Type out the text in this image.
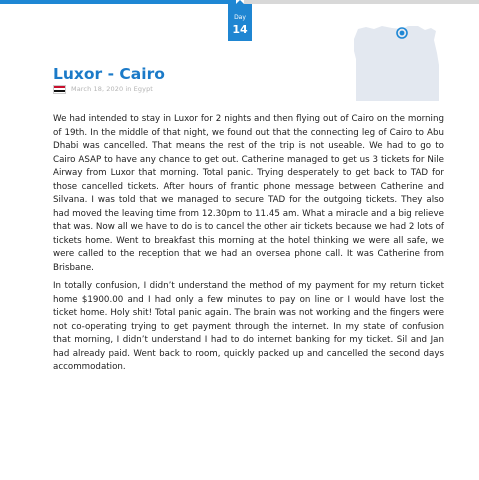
Day
14
Luxor - Cairo
March 18, 2020 in Egypt

We had intended to stay in Luxor for 2 nights and then flying out of Cairo on the morning of 19th. In the middle of that night, we found out that the connecting leg of Cairo to Abu Dhabi was cancelled. That means the rest of the trip is not useable. We had to go to Cairo ASAP to have any chance to get out. Catherine managed to get us 3 tickets for Nile Airway from Luxor that morning. Total panic. Trying desperately to get back to TAD for those cancelled tickets. After hours of frantic phone message between Catherine and Silvana. I was told that we managed to secure TAD for the outgoing tickets. They also had moved the leaving time from 12.30pm to 11.45 am. What a miracle and a big relieve that was. Now all we have to do is to cancel the other air tickets because we had 2 lots of tickets home. Went to breakfast this morning at the hotel thinking we were all safe, we were called to the reception that we had an oversea phone call. It was Catherine from Brisbane.

In totally confusion, I didn’t understand the method of my payment for my return ticket home $1900.00 and I had only a few minutes to pay on line or I would have lost the ticket home. Holy shit! Total panic again. The brain was not working and the fingers were not co-operating trying to get payment through the internet. In my state of confusion that morning, I didn’t understand I had to do internet banking for my ticket. Sil and Jan had already paid. Went back to room, quickly packed up and cancelled the second days accommodation.
